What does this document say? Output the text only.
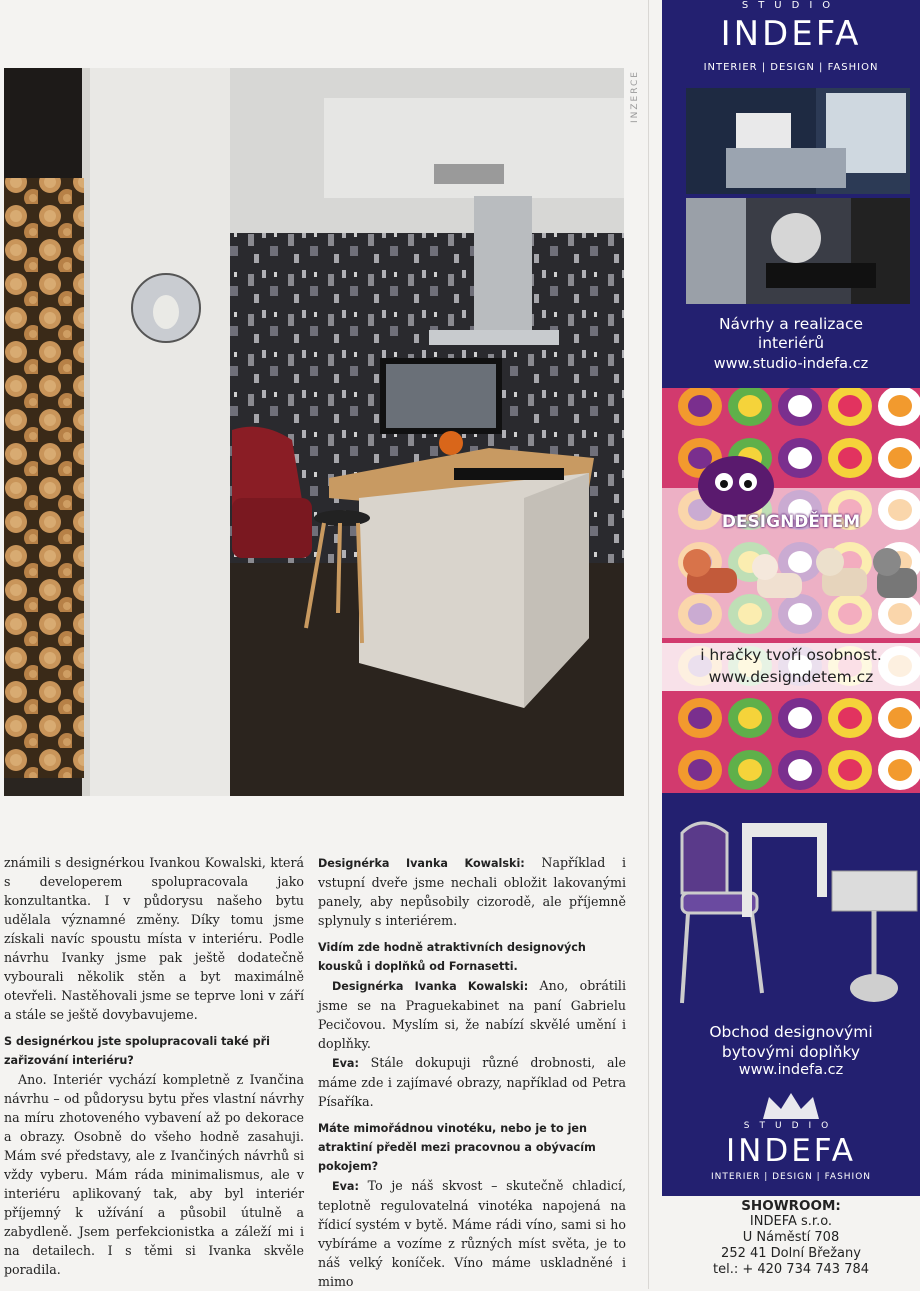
INZERCE

známili s designérkou Ivankou Kowalski, která s developerem spolupracovala jako konzultantka. I v půdorysu našeho bytu udělala významné změny. Díky tomu jsme získali navíc spoustu místa v interiéru. Podle návrhu Ivanky jsme pak ještě dodatečně vybourali několik stěn a byt maximálně otevřeli. Nastěhovali jsme se teprve loni v září a stále se ještě dovybavujeme.

S designérkou jste spolupracovali také při zařizování interiéru?

Ano. Interiér vychází kompletně z Ivančina návrhu – od půdorysu bytu přes vlastní návrhy na míru zhotoveného vybavení až po dekorace a obrazy. Osobně do všeho hodně zasahuji. Mám své představy, ale z Ivančiných návrhů si vždy vyberu. Mám ráda minimalismus, ale v interiéru aplikovaný tak, aby byl interiér příjemný k užívání a působil útulně a zabydleně. Jsem perfekcionistka a záleží mi i na detailech. I s těmi si Ivanka skvěle poradila.

Designérka Ivanka Kowalski: Například i vstupní dveře jsme nechali obložit lakovanými panely, aby nepůsobily cizorodě, ale příjemně splynuly s interiérem.

Vidím zde hodně atraktivních designových kousků i doplňků od Fornasetti.

Designérka Ivanka Kowalski: Ano, obrátili jsme se na Praguekabinet na paní Gabrielu Pecičovou. Myslím si, že nabízí skvělé umění i doplňky.

Eva: Stále dokupuji různé drobnosti, ale máme zde i zajímavé obrazy, například od Petra Písaříka.

Máte mimořádnou vinotéku, nebo je to jen atraktiní předěl mezi pracovnou a obývacím pokojem?

Eva: To je náš skvost – skutečně chladicí, teplotně regulovatelná vinotéka napojená na řídicí systém v bytě. Máme rádi víno, sami si ho vybíráme a vozíme z různých míst světa, je to náš velký koníček. Víno máme uskladněné i mimo

STUDIO
INDEFA
INTERIER | DESIGN | FASHION
Návrhy a realizace
interiérů
www.studio-indefa.cz
DESIGNDĚTEM
i hračky tvoří osobnost.
www.designdetem.cz
Obchod designovými
bytovými doplňky
www.indefa.cz
STUDIO
INDEFA
INTERIER | DESIGN | FASHION
SHOWROOM:
INDEFA s.r.o.
U Náměstí 708
252 41 Dolní Břežany
tel.: + 420 734 743 784
